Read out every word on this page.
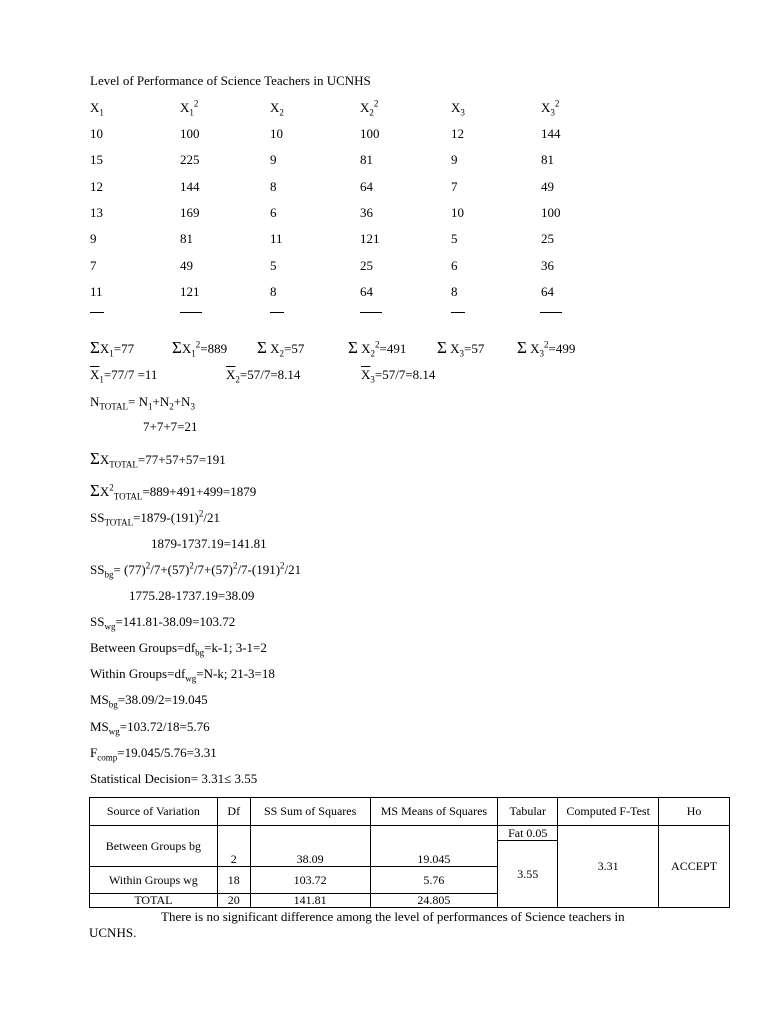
Level of Performance of Science Teachers in UCNHS
$X_1$	$X_1^2$	$X_2$	$X_2^2$	$X_3$	$X_3^2$
10	100	10	100	12	144
15	225	9	81	9	81
12	144	8	64	7	49
13	169	6	36	10	100
9	81	11	121	5	25
7	49	5	25	6	36
11	121	8	64	8	64
$\Sigma X_1=77$ $\Sigma X_1^2=889$ Σ $X_2=57$	Σ $X_2^2=491$ Σ $X_3=57$ Σ $X_3^2=499$
$\overline{X}_1=77/7 =11$	$\overline{X}_2=57/7=8.14$	$\overline{X}_3=57/7=8.14$
$N_{TOTAL}= N_1+N_2+N_3$
7+7+7=21
$\Sigma X_{TOTAL}=77+57+57=191$
$\Sigma X^2_{TOTAL}=889+491+499=1879$
$SS_{TOTAL}=1879-(191)^2/21$
1879-1737.19=141.81
$SS_{bg}= (77)^2/7+(57)^2/7+(57)^2/7-(191)^2/21$
1775.28-1737.19=38.09
$SS_{wg}=141.81-38.09=103.72$
Between $Groups=df_{bg}=k-1$; 3-1=2
Within $Groups=df_{wg}=N-k$; 21-3=18
$MS_{bg}=38.09/2=19.045$
$MS_{wg}=103.72/18=5.76$
$F_{comp}=19.045/5.76=3.31$
Statistical Decision= 3.31≤ 3.55
Source of Variation	Df	SS Sum of Squares	MS Means of Squares	Tabular	Computed F-Test	Ho
Between Groups bg	2	38.09	19.045	Fat 0.05	3.31	ACCEPT
				3.55		
Within Groups wg	18	103.72	5.76			
TOTAL	20	141.81	24.805			
There is no significant difference among the level of performances of Science teachers in UCNHS.
